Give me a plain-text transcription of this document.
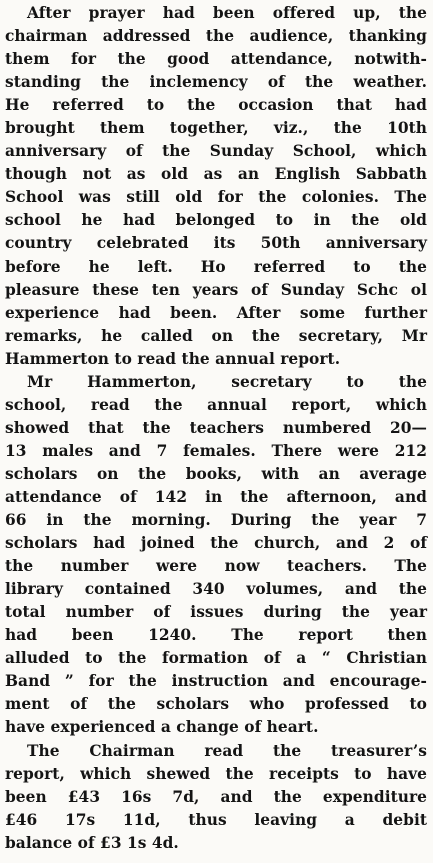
After prayer had been offered up, the
chairman addressed the audience, thanking
them for the good attendance, notwith-
standing the inclemency of the weather.
He referred to the occasion that had
brought them together, viz., the 10th
anniversary of the Sunday School, which
though not as old as an English Sabbath
School was still old for the colonies. The
school he had belonged to in the old
country celebrated its 50th anniversary
before he left. Ho referred to the
pleasure these ten years of Sunday Schc ol
experience had been. After some further
remarks, he called on the secretary, Mr
Hammerton to read the annual report.
Mr Hammerton, secretary to the
school, read the annual report, which
showed that the teachers numbered 20—
13 males and 7 females. There were 212
scholars on the books, with an average
attendance of 142 in the afternoon, and
66 in the morning. During the year 7
scholars had joined the church, and 2 of
the number were now teachers. The
library contained 340 volumes, and the
total number of issues during the year
had been 1240. The report then
alluded to the formation of a “ Christian
Band ” for the instruction and encourage-
ment of the scholars who professed to
have experienced a change of heart.
The Chairman read the treasurer’s
report, which shewed the receipts to have
been £43 16s 7d, and the expenditure
£46 17s 11d, thus leaving a debit
balance of £3 1s 4d.
